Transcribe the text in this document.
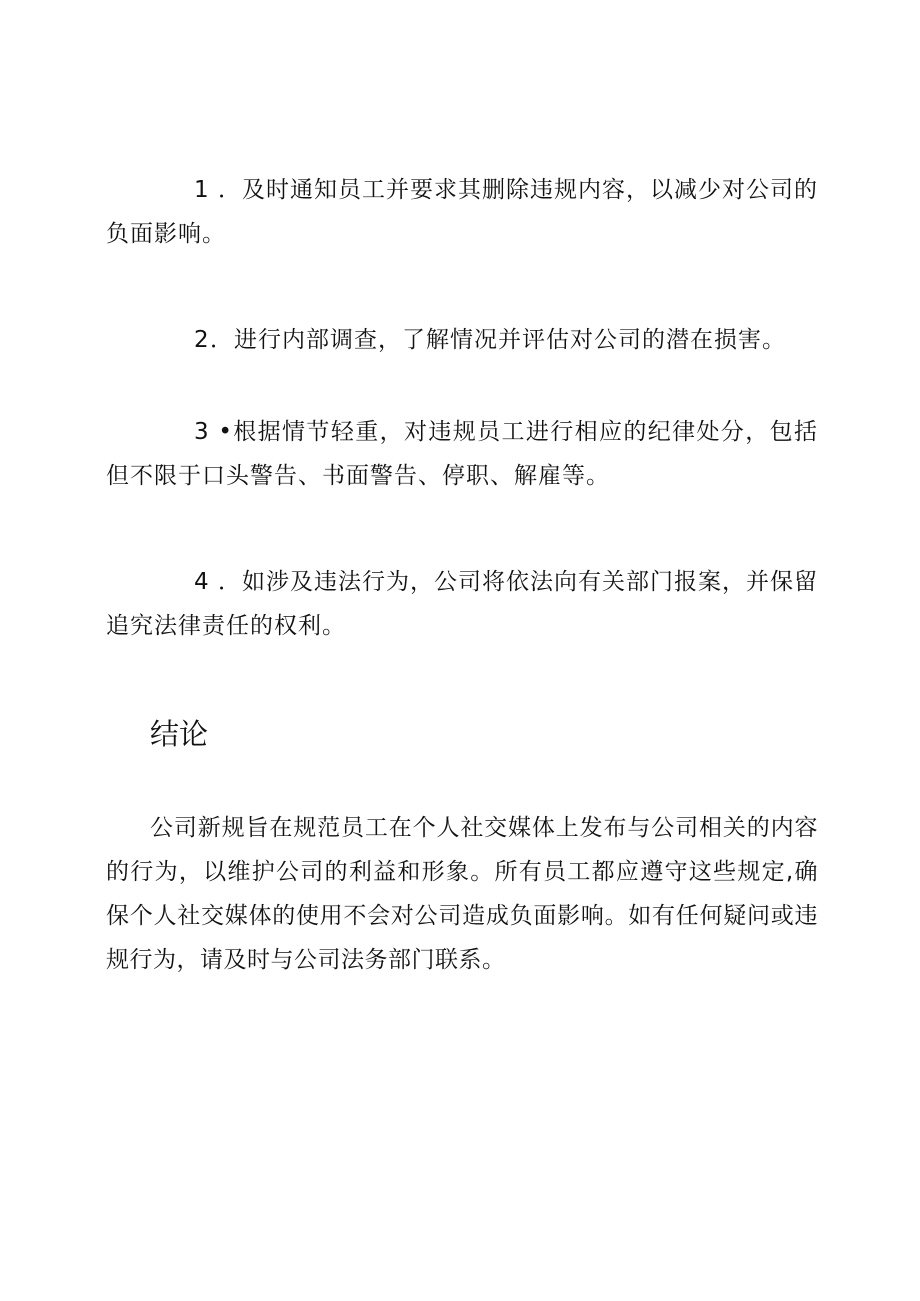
1 ．及时通知员工并要求其删除违规内容，以减少对公司的负面影响。

2．进行内部调查，了解情况并评估对公司的潜在损害。

3 •根据情节轻重，对违规员工进行相应的纪律处分，包括但不限于口头警告、书面警告、停职、解雇等。

4 ．如涉及违法行为，公司将依法向有关部门报案，并保留追究法律责任的权利。

结论

公司新规旨在规范员工在个人社交媒体上发布与公司相关的内容的行为，以维护公司的利益和形象。所有员工都应遵守这些规定,确保个人社交媒体的使用不会对公司造成负面影响。如有任何疑问或违规行为，请及时与公司法务部门联系。
